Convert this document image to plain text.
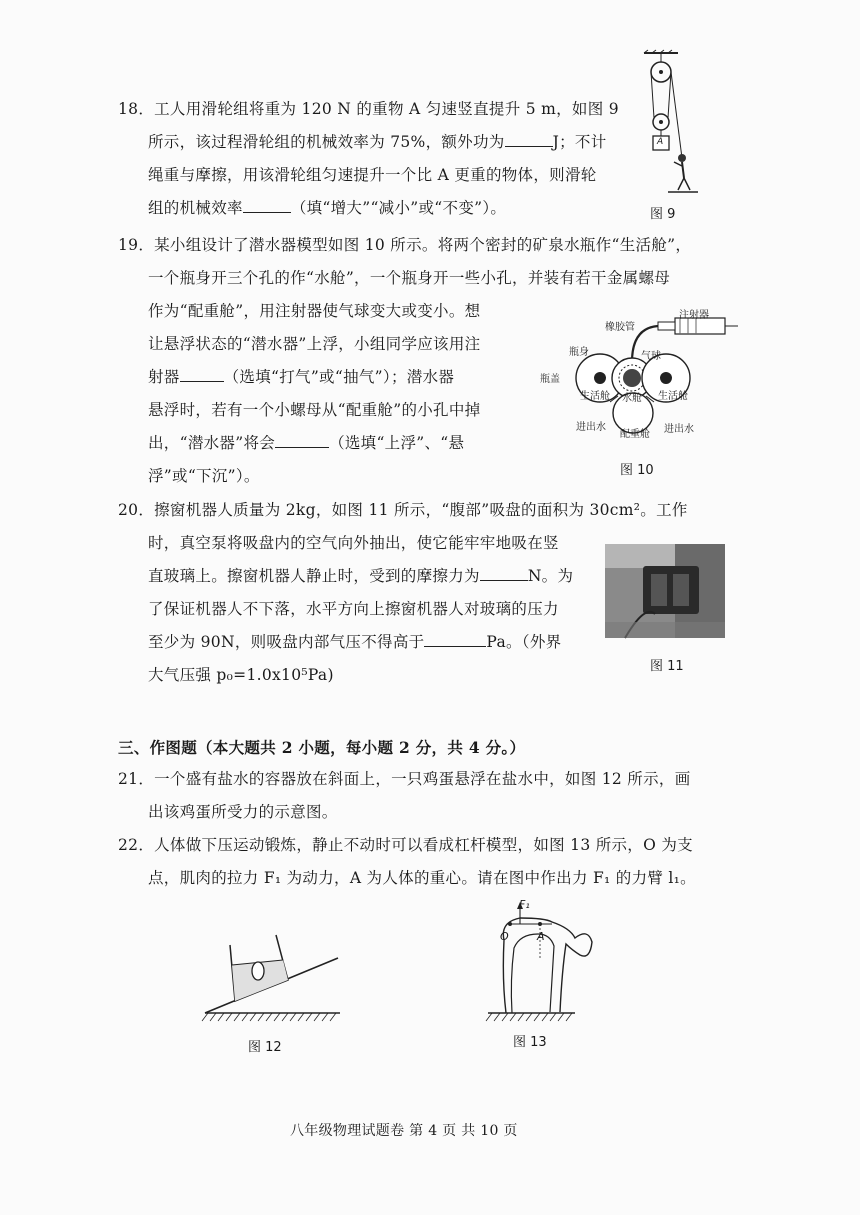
18．工人用滑轮组将重为 120 N 的重物 A 匀速竖直提升 5 m，如图 9
所示，该过程滑轮组的机械效率为 75%，额外功为	J；不计
绳重与摩擦，用该滑轮组匀速提升一个比 A 更重的物体，则滑轮
组的机械效率	（填“增大”“减小”或“不变”）。
A
图 9
19．某小组设计了潜水器模型如图 10 所示。将两个密封的矿泉水瓶作“生活舱”，
一个瓶身开三个孔的作“水舱”，一个瓶身开一些小孔，并装有若干金属螺母
作为“配重舱”，用注射器使气球变大或变小。想
让悬浮状态的“潜水器”上浮，小组同学应该用注
射器	（选填“打气”或“抽气”）；潜水器
悬浮时，若有一个小螺母从“配重舱”的小孔中掉
出，“潜水器”将会	（选填“上浮”、“悬
浮”或“下沉”）。
注射器
橡胶管
瓶身	气球
瓶盖
生活舱 水舱 生活舱
进出水
配重舱 进出水
图 10
20．擦窗机器人质量为 2kg，如图 11 所示，“腹部”吸盘的面积为 30cm²。工作
时，真空泵将吸盘内的空气向外抽出，使它能牢牢地吸在竖
直玻璃上。擦窗机器人静止时，受到的摩擦力为	N。为
了保证机器人不下落，水平方向上擦窗机器人对玻璃的压力
至少为 90N，则吸盘内部气压不得高于	Pa。（外界
大气压强 p₀=1.0x10⁵Pa)	图 11
三、作图题（本大题共 2 小题，每小题 2 分，共 4 分。）
21．一个盛有盐水的容器放在斜面上，一只鸡蛋悬浮在盐水中，如图 12 所示，画
出该鸡蛋所受力的示意图。
22．人体做下压运动锻炼，静止不动时可以看成杠杆模型，如图 13 所示，O 为支
点，肌肉的拉力 F₁ 为动力，A 为人体的重心。请在图中作出力 F₁ 的力臂 l₁。
图 12
F₁
O	A
图 13
八年级物理试题卷 第 4 页 共 10 页
